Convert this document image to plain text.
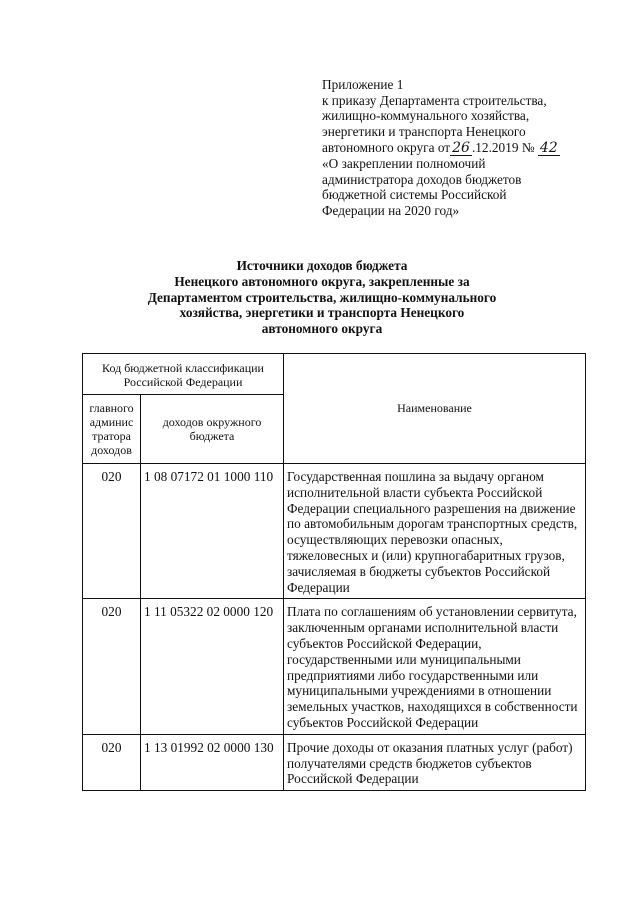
Приложение 1
к приказу Департамента строительства,
жилищно-коммунального хозяйства,
энергетики и транспорта Ненецкого
автономного округа от 26 .12.2019 № 42
«О закреплении полномочий
администратора доходов бюджетов
бюджетной системы Российской
Федерации на 2020 год»
Источники доходов бюджета
Ненецкого автономного округа, закрепленные за
Департаментом строительства, жилищно-коммунального
хозяйства, энергетики и транспорта Ненецкого
автономного округа
Код бюджетной классификации Российской Федерации		Наименование
главного админис тратора доходов	доходов окружного бюджета	
020	1 08 07172 01 1000 110	Государственная пошлина за выдачу органом исполнительной власти субъекта Российской Федерации специального разрешения на движение по автомобильным дорогам транспортных средств, осуществляющих перевозки опасных, тяжеловесных и (или) крупногабаритных грузов, зачисляемая в бюджеты субъектов Российской Федерации
020	1 11 05322 02 0000 120	Плата по соглашениям об установлении сервитута, заключенным органами исполнительной власти субъектов Российской Федерации, государственными или муниципальными предприятиями либо государственными или муниципальными учреждениями в отношении земельных участков, находящихся в собственности субъектов Российской Федерации
020	1 13 01992 02 0000 130	Прочие доходы от оказания платных услуг (работ) получателями средств бюджетов субъектов Российской Федерации
